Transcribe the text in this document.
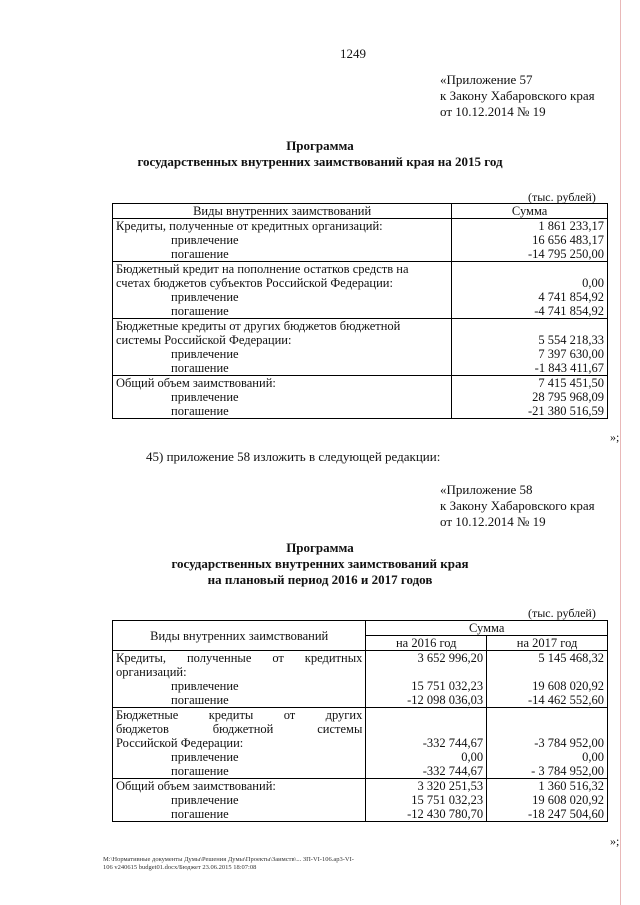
1249
«Приложение 57
к Закону Хабаровского края
от 10.12.2014 № 19
Программа
государственных внутренних заимствований края на 2015 год
(тыс. рублей)
Виды внутренних заимствований	Сумма
Кредиты, полученные от кредитных организаций:	1 861 233,17
привлечение	16 656 483,17
погашение	-14 795 250,00
Бюджетный кредит на пополнение остатков средств на	
счетах бюджетов субъектов Российской Федерации:	0,00
привлечение	4 741 854,92
погашение	-4 741 854,92
Бюджетные кредиты от других бюджетов бюджетной	
системы Российской Федерации:	5 554 218,33
привлечение	7 397 630,00
погашение	-1 843 411,67
Общий объем заимствований:	7 415 451,50
привлечение	28 795 968,09
погашение	-21 380 516,59
»;
45) приложение 58 изложить в следующей редакции:
«Приложение 58
к Закону Хабаровского края
от 10.12.2014 № 19
Программа
государственных внутренних заимствований края
на плановый период 2016 и 2017 годов
(тыс. рублей)
Виды внутренних заимствований	Сумма	
	на 2016 год	на 2017 год
Кредиты, полученные от кредитных	3 652 996,20	5 145 468,32
организаций:		
привлечение	15 751 032,23	19 608 020,92
погашение	-12 098 036,03	-14 462 552,60
Бюджетные кредиты от других		
бюджетов бюджетной системы		
Российской Федерации:	-332 744,67	-3 784 952,00
привлечение	0,00	0,00
погашение	-332 744,67	- 3 784 952,00
Общий объем заимствований:	3 320 251,53	1 360 516,32
привлечение	15 751 032,23	19 608 020,92
погашение	-12 430 780,70	-18 247 504,60
»;
M:\Нормативные документы Думы\Решения Думы\Проекты\Заимств\... ЗП-VI-106.ap3-VI-
106 v240615 budget01.docx/Бюджет 23.06.2015 18:07:08
